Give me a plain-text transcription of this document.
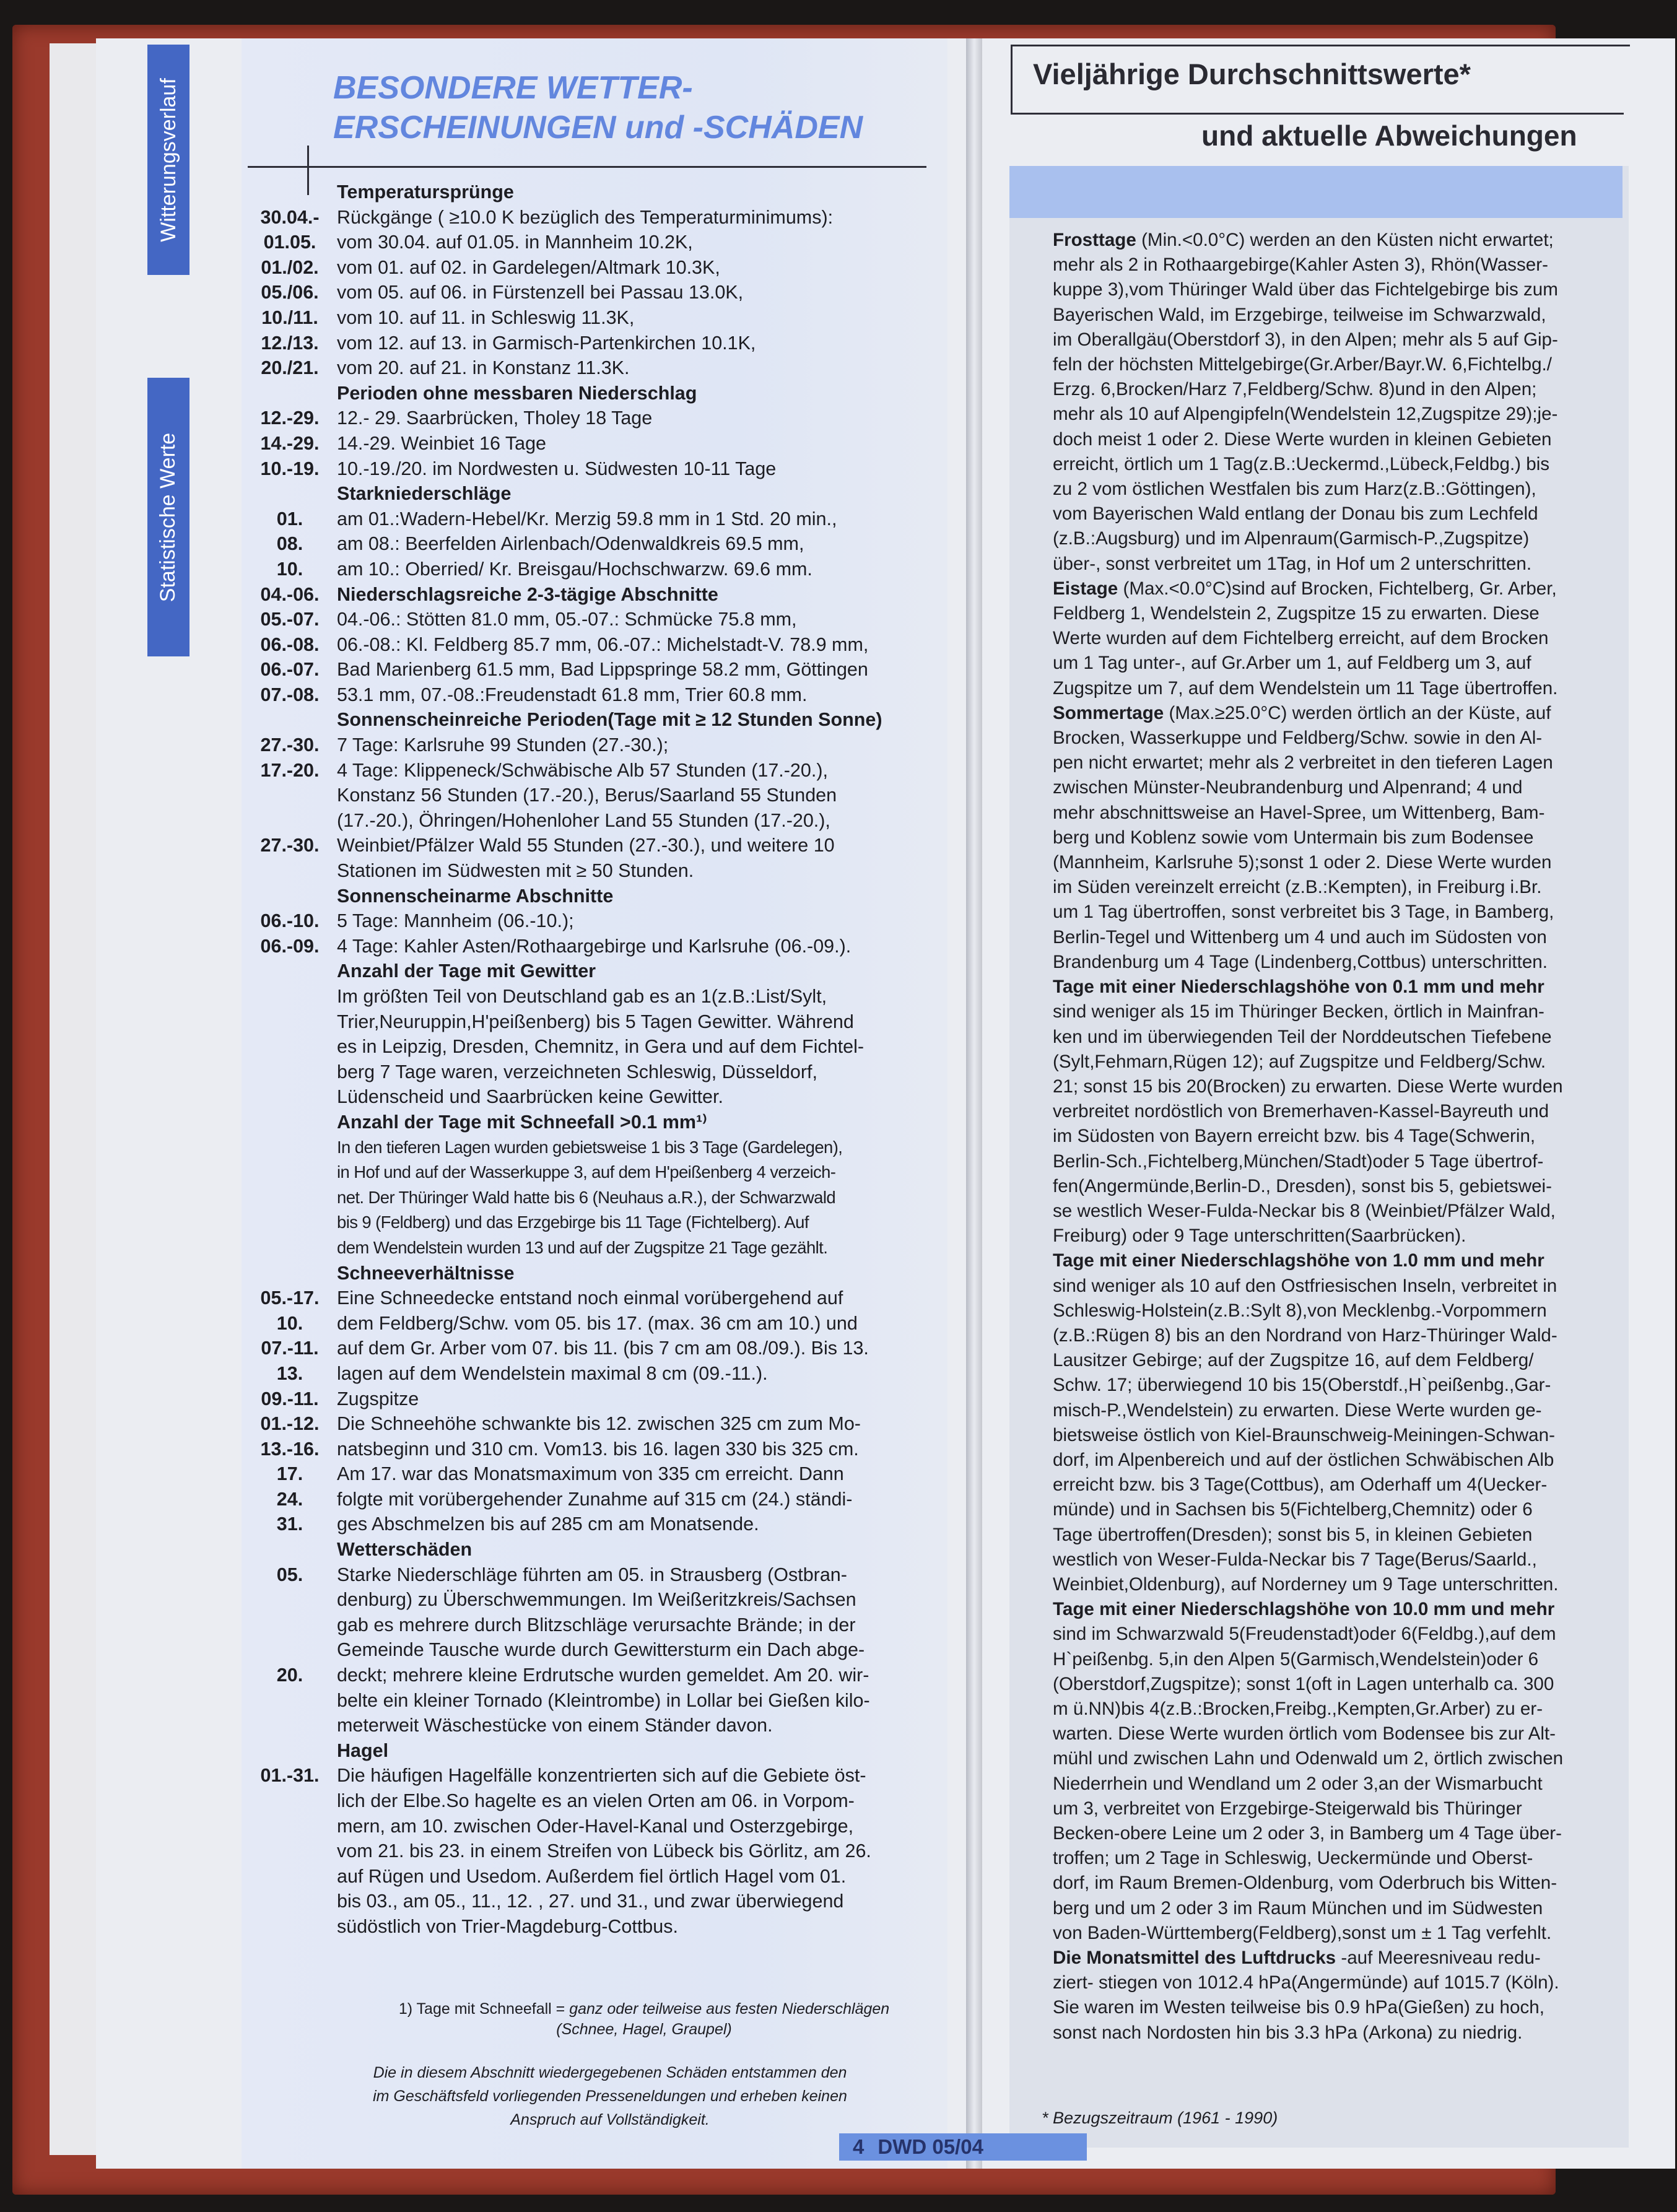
Witterungsverlauf
Statistische Werte
BESONDERE WETTER-
ERSCHEINUNGEN und -SCHÄDEN
Temperatursprünge
30.04.- Rückgänge ( ≥10.0 K bezüglich des Temperaturminimums):
01.05.	vom 30.04. auf 01.05. in Mannheim 10.2K,
01./02. vom 01. auf 02. in Gardelegen/Altmark 10.3K,
05./06. vom 05. auf 06. in Fürstenzell bei Passau 13.0K,
10./11. vom 10. auf 11. in Schleswig 11.3K,
12./13. vom 12. auf 13. in Garmisch-Partenkirchen 10.1K,
20./21. vom 20. auf 21. in Konstanz 11.3K.
Perioden ohne messbaren Niederschlag
12.-29. 12.- 29. Saarbrücken, Tholey 18 Tage
14.-29. 14.-29. Weinbiet 16 Tage
10.-19. 10.-19./20. im Nordwesten u. Südwesten 10-11 Tage
Starkniederschläge
01.	am 01.:Wadern-Hebel/Kr. Merzig 59.8 mm in 1 Std. 20 min.,
08.	am 08.: Beerfelden Airlenbach/Odenwaldkreis 69.5 mm,
10.	am 10.: Oberried/ Kr. Breisgau/Hochschwarzw. 69.6 mm.
04.-06. Niederschlagsreiche 2-3-tägige Abschnitte
05.-07. 04.-06.: Stötten 81.0 mm, 05.-07.: Schmücke 75.8 mm,
06.-08. 06.-08.: Kl. Feldberg 85.7 mm, 06.-07.: Michelstadt-V. 78.9 mm,
06.-07. Bad Marienberg 61.5 mm, Bad Lippspringe 58.2 mm, Göttingen
07.-08. 53.1 mm, 07.-08.:Freudenstadt 61.8 mm, Trier 60.8 mm.
Sonnenscheinreiche Perioden(Tage mit ≥ 12 Stunden Sonne)
27.-30. 7 Tage: Karlsruhe 99 Stunden (27.-30.);
17.-20. 4 Tage: Klippeneck/Schwäbische Alb 57 Stunden (17.-20.),
Konstanz 56 Stunden (17.-20.), Berus/Saarland 55 Stunden
(17.-20.), Öhringen/Hohenloher Land 55 Stunden (17.-20.),
27.-30. Weinbiet/Pfälzer Wald 55 Stunden (27.-30.), und weitere 10
Stationen im Südwesten mit ≥ 50 Stunden.
Sonnenscheinarme Abschnitte
06.-10. 5 Tage: Mannheim (06.-10.);
06.-09. 4 Tage: Kahler Asten/Rothaargebirge und Karlsruhe (06.-09.).
Anzahl der Tage mit Gewitter
Im größten Teil von Deutschland gab es an 1(z.B.:List/Sylt,
Trier,Neuruppin,H'peißenberg) bis 5 Tagen Gewitter. Während
es in Leipzig, Dresden, Chemnitz, in Gera und auf dem Fichtel-
berg 7 Tage waren, verzeichneten Schleswig, Düsseldorf,
Lüdenscheid und Saarbrücken keine Gewitter.
Anzahl der Tage mit Schneefall >0.1 mm¹⁾
In den tieferen Lagen wurden gebietsweise 1 bis 3 Tage (Gardelegen),
in Hof und auf der Wasserkuppe 3, auf dem H'peißenberg 4 verzeich-
net. Der Thüringer Wald hatte bis 6 (Neuhaus a.R.), der Schwarzwald
bis 9 (Feldberg) und das Erzgebirge bis 11 Tage (Fichtelberg). Auf
dem Wendelstein wurden 13 und auf der Zugspitze 21 Tage gezählt.
Schneeverhältnisse
05.-17. Eine Schneedecke entstand noch einmal vorübergehend auf
10.	dem Feldberg/Schw. vom 05. bis 17. (max. 36 cm am 10.) und
07.-11. auf dem Gr. Arber vom 07. bis 11. (bis 7 cm am 08./09.). Bis 13.
13.	lagen auf dem Wendelstein maximal 8 cm (09.-11.).
09.-11. Zugspitze
01.-12. Die Schneehöhe schwankte bis 12. zwischen 325 cm zum Mo-
13.-16. natsbeginn und 310 cm. Vom13. bis 16. lagen 330 bis 325 cm.
17.	Am 17. war das Monatsmaximum von 335 cm erreicht. Dann
24.	folgte mit vorübergehender Zunahme auf 315 cm (24.) ständi-
31.	ges Abschmelzen bis auf 285 cm am Monatsende.
Wetterschäden
05.	Starke Niederschläge führten am 05. in Strausberg (Ostbran-
denburg) zu Überschwemmungen. Im Weißeritzkreis/Sachsen
gab es mehrere durch Blitzschläge verursachte Brände; in der
Gemeinde Tausche wurde durch Gewittersturm ein Dach abge-
20.	deckt; mehrere kleine Erdrutsche wurden gemeldet. Am 20. wir-
belte ein kleiner Tornado (Kleintrombe) in Lollar bei Gießen kilo-
meterweit Wäschestücke von einem Ständer davon.
Hagel
01.-31. Die häufigen Hagelfälle konzentrierten sich auf die Gebiete öst-
lich der Elbe.So hagelte es an vielen Orten am 06. in Vorpom-
mern, am 10. zwischen Oder-Havel-Kanal und Osterzgebirge,
vom 21. bis 23. in einem Streifen von Lübeck bis Görlitz, am 26.
auf Rügen und Usedom. Außerdem fiel örtlich Hagel vom 01.
bis 03., am 05., 11., 12. , 27. und 31., und zwar überwiegend
südöstlich von Trier-Magdeburg-Cottbus.
1) Tage mit Schneefall = ganz oder teilweise aus festen Niederschlägen
(Schnee, Hagel, Graupel)
Die in diesem Abschnitt wiedergegebenen Schäden entstammen den
im Geschäftsfeld vorliegenden Presseneldungen und erheben keinen
Anspruch auf Vollständigkeit.
Vieljährige Durchschnittswerte*
und aktuelle Abweichungen
Frosttage (Min.<0.0°C) werden an den Küsten nicht erwartet;
mehr als 2 in Rothaargebirge(Kahler Asten 3), Rhön(Wasser-
kuppe 3),vom Thüringer Wald über das Fichtelgebirge bis zum
Bayerischen Wald, im Erzgebirge, teilweise im Schwarzwald,
im Oberallgäu(Oberstdorf 3), in den Alpen; mehr als 5 auf Gip-
feln der höchsten Mittelgebirge(Gr.Arber/Bayr.W. 6,Fichtelbg./
Erzg. 6,Brocken/Harz 7,Feldberg/Schw. 8)und in den Alpen;
mehr als 10 auf Alpengipfeln(Wendelstein 12,Zugspitze 29);je-
doch meist 1 oder 2. Diese Werte wurden in kleinen Gebieten
erreicht, örtlich um 1 Tag(z.B.:Ueckermd.,Lübeck,Feldbg.) bis
zu 2 vom östlichen Westfalen bis zum Harz(z.B.:Göttingen),
vom Bayerischen Wald entlang der Donau bis zum Lechfeld
(z.B.:Augsburg) und im Alpenraum(Garmisch-P.,Zugspitze)
über-, sonst verbreitet um 1Tag, in Hof um 2 unterschritten.
Eistage (Max.<0.0°C)sind auf Brocken, Fichtelberg, Gr. Arber,
Feldberg 1, Wendelstein 2, Zugspitze 15 zu erwarten. Diese
Werte wurden auf dem Fichtelberg erreicht, auf dem Brocken
um 1 Tag unter-, auf Gr.Arber um 1, auf Feldberg um 3, auf
Zugspitze um 7, auf dem Wendelstein um 11 Tage übertroffen.
Sommertage (Max.≥25.0°C) werden örtlich an der Küste, auf
Brocken, Wasserkuppe und Feldberg/Schw. sowie in den Al-
pen nicht erwartet; mehr als 2 verbreitet in den tieferen Lagen
zwischen Münster-Neubrandenburg und Alpenrand; 4 und
mehr abschnittsweise an Havel-Spree, um Wittenberg, Bam-
berg und Koblenz sowie vom Untermain bis zum Bodensee
(Mannheim, Karlsruhe 5);sonst 1 oder 2. Diese Werte wurden
im Süden vereinzelt erreicht (z.B.:Kempten), in Freiburg i.Br.
um 1 Tag übertroffen, sonst verbreitet bis 3 Tage, in Bamberg,
Berlin-Tegel und Wittenberg um 4 und auch im Südosten von
Brandenburg um 4 Tage (Lindenberg,Cottbus) unterschritten.
Tage mit einer Niederschlagshöhe von 0.1 mm und mehr
sind weniger als 15 im Thüringer Becken, örtlich in Mainfran-
ken und im überwiegenden Teil der Norddeutschen Tiefebene
(Sylt,Fehmarn,Rügen 12); auf Zugspitze und Feldberg/Schw.
21; sonst 15 bis 20(Brocken) zu erwarten. Diese Werte wurden
verbreitet nordöstlich von Bremerhaven-Kassel-Bayreuth und
im Südosten von Bayern erreicht bzw. bis 4 Tage(Schwerin,
Berlin-Sch.,Fichtelberg,München/Stadt)oder 5 Tage übertrof-
fen(Angermünde,Berlin-D., Dresden), sonst bis 5, gebietswei-
se westlich Weser-Fulda-Neckar bis 8 (Weinbiet/Pfälzer Wald,
Freiburg) oder 9 Tage unterschritten(Saarbrücken).
Tage mit einer Niederschlagshöhe von 1.0 mm und mehr
sind weniger als 10 auf den Ostfriesischen Inseln, verbreitet in
Schleswig-Holstein(z.B.:Sylt 8),von Mecklenbg.-Vorpommern
(z.B.:Rügen 8) bis an den Nordrand von Harz-Thüringer Wald-
Lausitzer Gebirge; auf der Zugspitze 16, auf dem Feldberg/
Schw. 17; überwiegend 10 bis 15(Oberstdf.,H`peißenbg.,Gar-
misch-P.,Wendelstein) zu erwarten. Diese Werte wurden ge-
bietsweise östlich von Kiel-Braunschweig-Meiningen-Schwan-
dorf, im Alpenbereich und auf der östlichen Schwäbischen Alb
erreicht bzw. bis 3 Tage(Cottbus), am Oderhaff um 4(Uecker-
münde) und in Sachsen bis 5(Fichtelberg,Chemnitz) oder 6
Tage übertroffen(Dresden); sonst bis 5, in kleinen Gebieten
westlich von Weser-Fulda-Neckar bis 7 Tage(Berus/Saarld.,
Weinbiet,Oldenburg), auf Norderney um 9 Tage unterschritten.
Tage mit einer Niederschlagshöhe von 10.0 mm und mehr
sind im Schwarzwald 5(Freudenstadt)oder 6(Feldbg.),auf dem
H`peißenbg. 5,in den Alpen 5(Garmisch,Wendelstein)oder 6
(Oberstdorf,Zugspitze); sonst 1(oft in Lagen unterhalb ca. 300
m ü.NN)bis 4(z.B.:Brocken,Freibg.,Kempten,Gr.Arber) zu er-
warten. Diese Werte wurden örtlich vom Bodensee bis zur Alt-
mühl und zwischen Lahn und Odenwald um 2, örtlich zwischen
Niederrhein und Wendland um 2 oder 3,an der Wismarbucht
um 3, verbreitet von Erzgebirge-Steigerwald bis Thüringer
Becken-obere Leine um 2 oder 3, in Bamberg um 4 Tage über-
troffen; um 2 Tage in Schleswig, Ueckermünde und Oberst-
dorf, im Raum Bremen-Oldenburg, vom Oderbruch bis Witten-
berg und um 2 oder 3 im Raum München und im Südwesten
von Baden-Württemberg(Feldberg),sonst um ± 1 Tag verfehlt.
Die Monatsmittel des Luftdrucks -auf Meeresniveau redu-
ziert- stiegen von 1012.4 hPa(Angermünde) auf 1015.7 (Köln).
Sie waren im Westen teilweise bis 0.9 hPa(Gießen) zu hoch,
sonst nach Nordosten hin bis 3.3 hPa (Arkona) zu niedrig.
* Bezugszeitraum (1961 - 1990)
4 DWD 05/04
